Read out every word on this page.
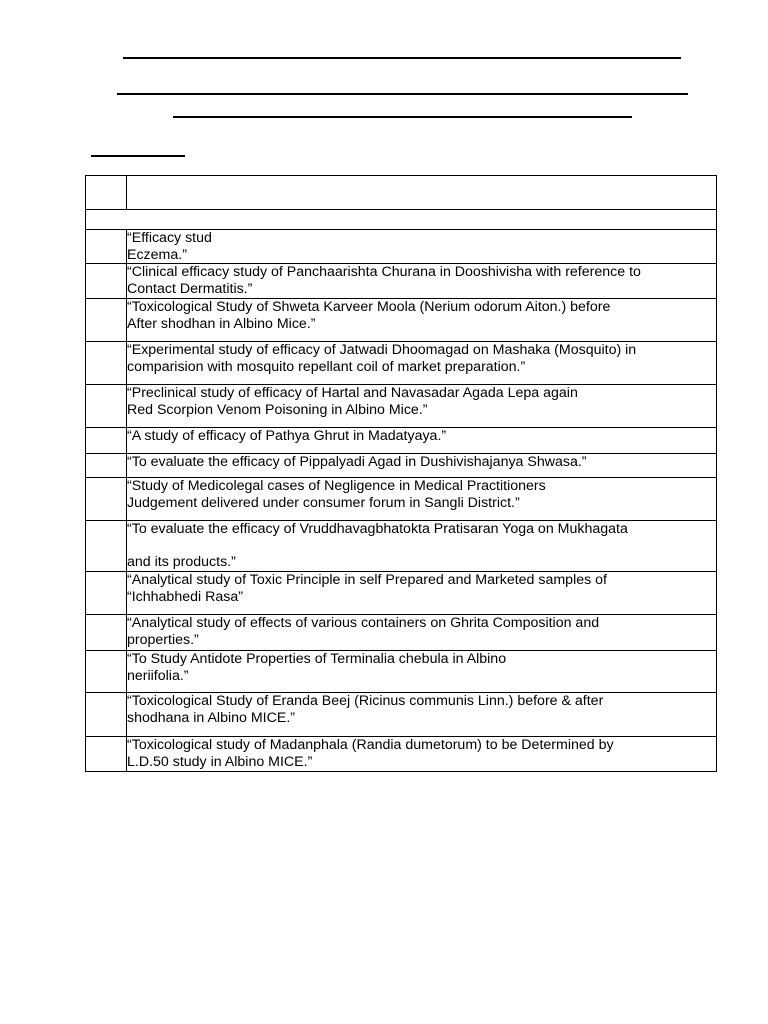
	“Efficacy stud
Eczema.”

	“Clinical efficacy study of Panchaarishta Churana in Dooshivisha with reference to
Contact Dermatitis.”

	“Toxicological Study of Shweta Karveer Moola (Nerium odorum Aiton.) before
After shodhan in Albino Mice.”

	“Experimental study of efficacy of Jatwadi Dhoomagad on Mashaka (Mosquito) in
comparision with mosquito repellant coil of market preparation.”

	“Preclinical study of efficacy of Hartal and Navasadar Agada Lepa again
Red Scorpion Venom Poisoning in Albino Mice.”

	“A study of efficacy of Pathya Ghrut in Madatyaya.”

	“To evaluate the efficacy of Pippalyadi Agad in Dushivishajanya Shwasa.”

	“Study of Medicolegal cases of Negligence in Medical Practitioners
Judgement delivered under consumer forum in Sangli District.”

	“To evaluate the efficacy of Vruddhavagbhatokta Pratisaran Yoga on Mukhagata

and its products.”

	“Analytical study of Toxic Principle in self Prepared and Marketed samples of
“Ichhabhedi Rasa”

	“Analytical study of effects of various containers on Ghrita Composition and
properties.”

	“To Study Antidote Properties of Terminalia chebula in Albino
neriifolia.”

	“Toxicological Study of Eranda Beej (Ricinus communis Linn.) before & after
shodhana in Albino MICE.”

	“Toxicological study of Madanphala (Randia dumetorum) to be Determined by
L.D.50 study in Albino MICE.”
